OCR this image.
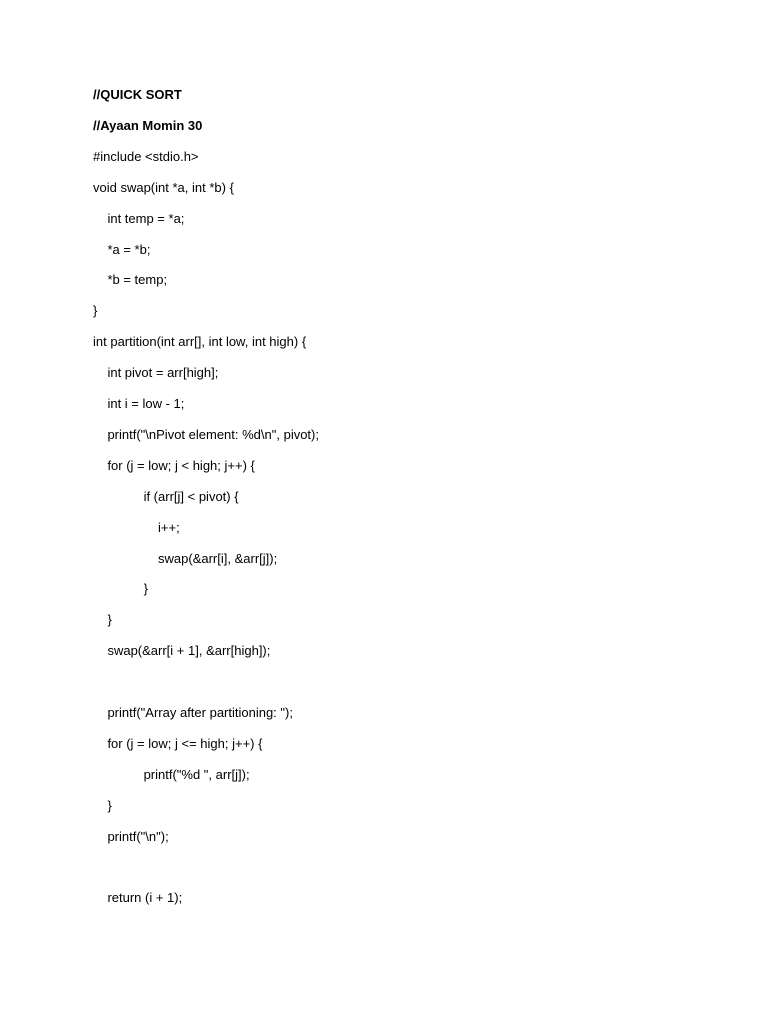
//QUICK SORT
//Ayaan Momin 30
#include <stdio.h>
void swap(int *a, int *b) {
int temp = *a;
*a = *b;
*b = temp;
}
int partition(int arr[], int low, int high) {
int pivot = arr[high];
int i = low - 1;
printf("\nPivot element: %d\n", pivot);
for (j = low; j < high; j++) {
if (arr[j] < pivot) {
i++;
swap(&arr[i], &arr[j]);
}
}
swap(&arr[i + 1], &arr[high]);
printf("Array after partitioning: ");
for (j = low; j <= high; j++) {
printf("%d ", arr[j]);
}
printf("\n");
return (i + 1);
